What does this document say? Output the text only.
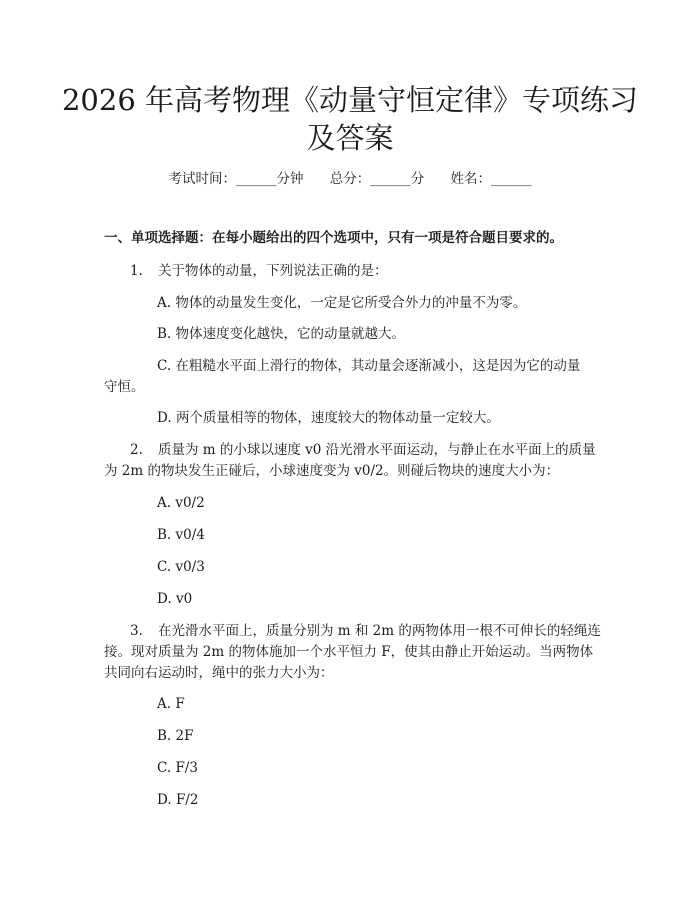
2026 年高考物理《动量守恒定律》专项练习
及答案
考试时间：______分钟 总分：______分 姓名：______
一、单项选择题：在每小题给出的四个选项中，只有一项是符合题目要求的。
1. 关于物体的动量，下列说法正确的是：
A. 物体的动量发生变化，一定是它所受合外力的冲量不为零。
B. 物体速度变化越快，它的动量就越大。
C. 在粗糙水平面上滑行的物体，其动量会逐渐减小，这是因为它的动量
守恒。
D. 两个质量相等的物体，速度较大的物体动量一定较大。
2. 质量为 m 的小球以速度 v0 沿光滑水平面运动，与静止在水平面上的质量
为 2m 的物块发生正碰后，小球速度变为 v0/2。则碰后物块的速度大小为：
A. v0/2
B. v0/4
C. v0/3
D. v0
3. 在光滑水平面上，质量分别为 m 和 2m 的两物体用一根不可伸长的轻绳连
接。现对质量为 2m 的物体施加一个水平恒力 F，使其由静止开始运动。当两物体
共同向右运动时，绳中的张力大小为：
A. F
B. 2F
C. F/3
D. F/2
